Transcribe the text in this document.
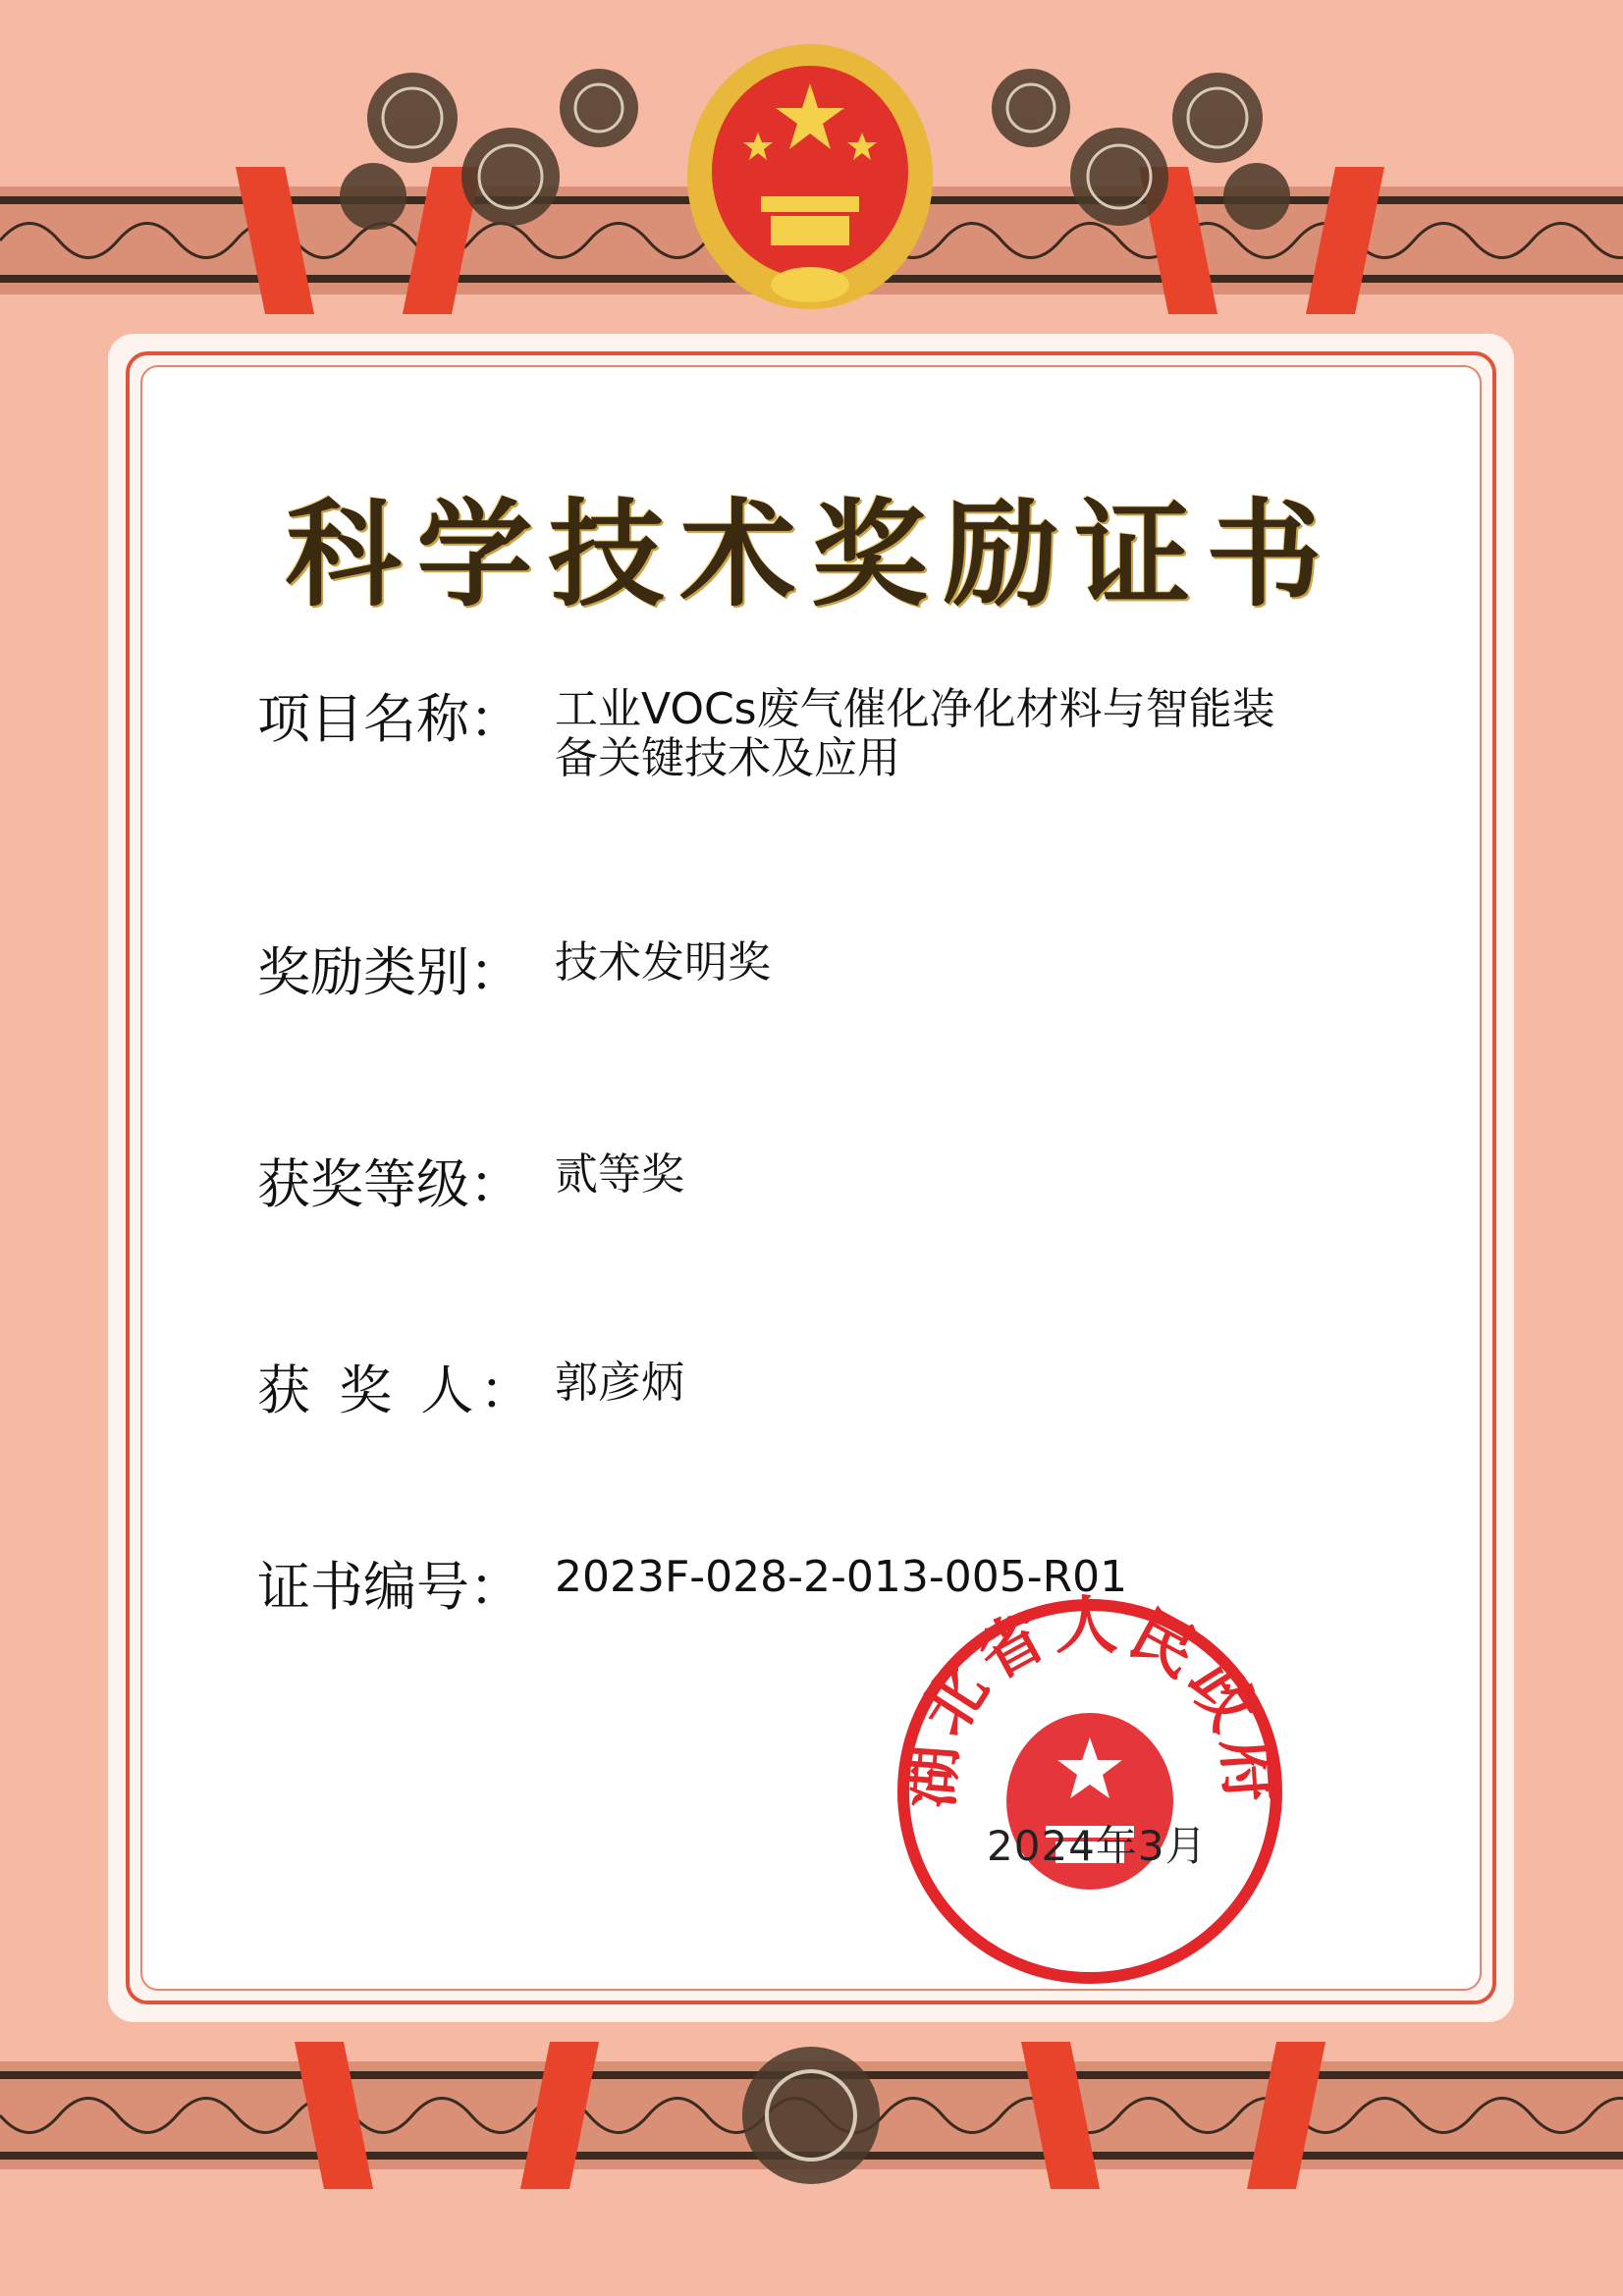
科学技术奖励证书
项目名称： 工业VOCs废气催化净化材料与智能装
备关键技术及应用
奖励类别： 技术发明奖
获奖等级： 贰等奖
获 奖 人： 郭彦炳
证书编号： 2023F-028-2-013-005-R01
湖北省人民政府
2024年3月
